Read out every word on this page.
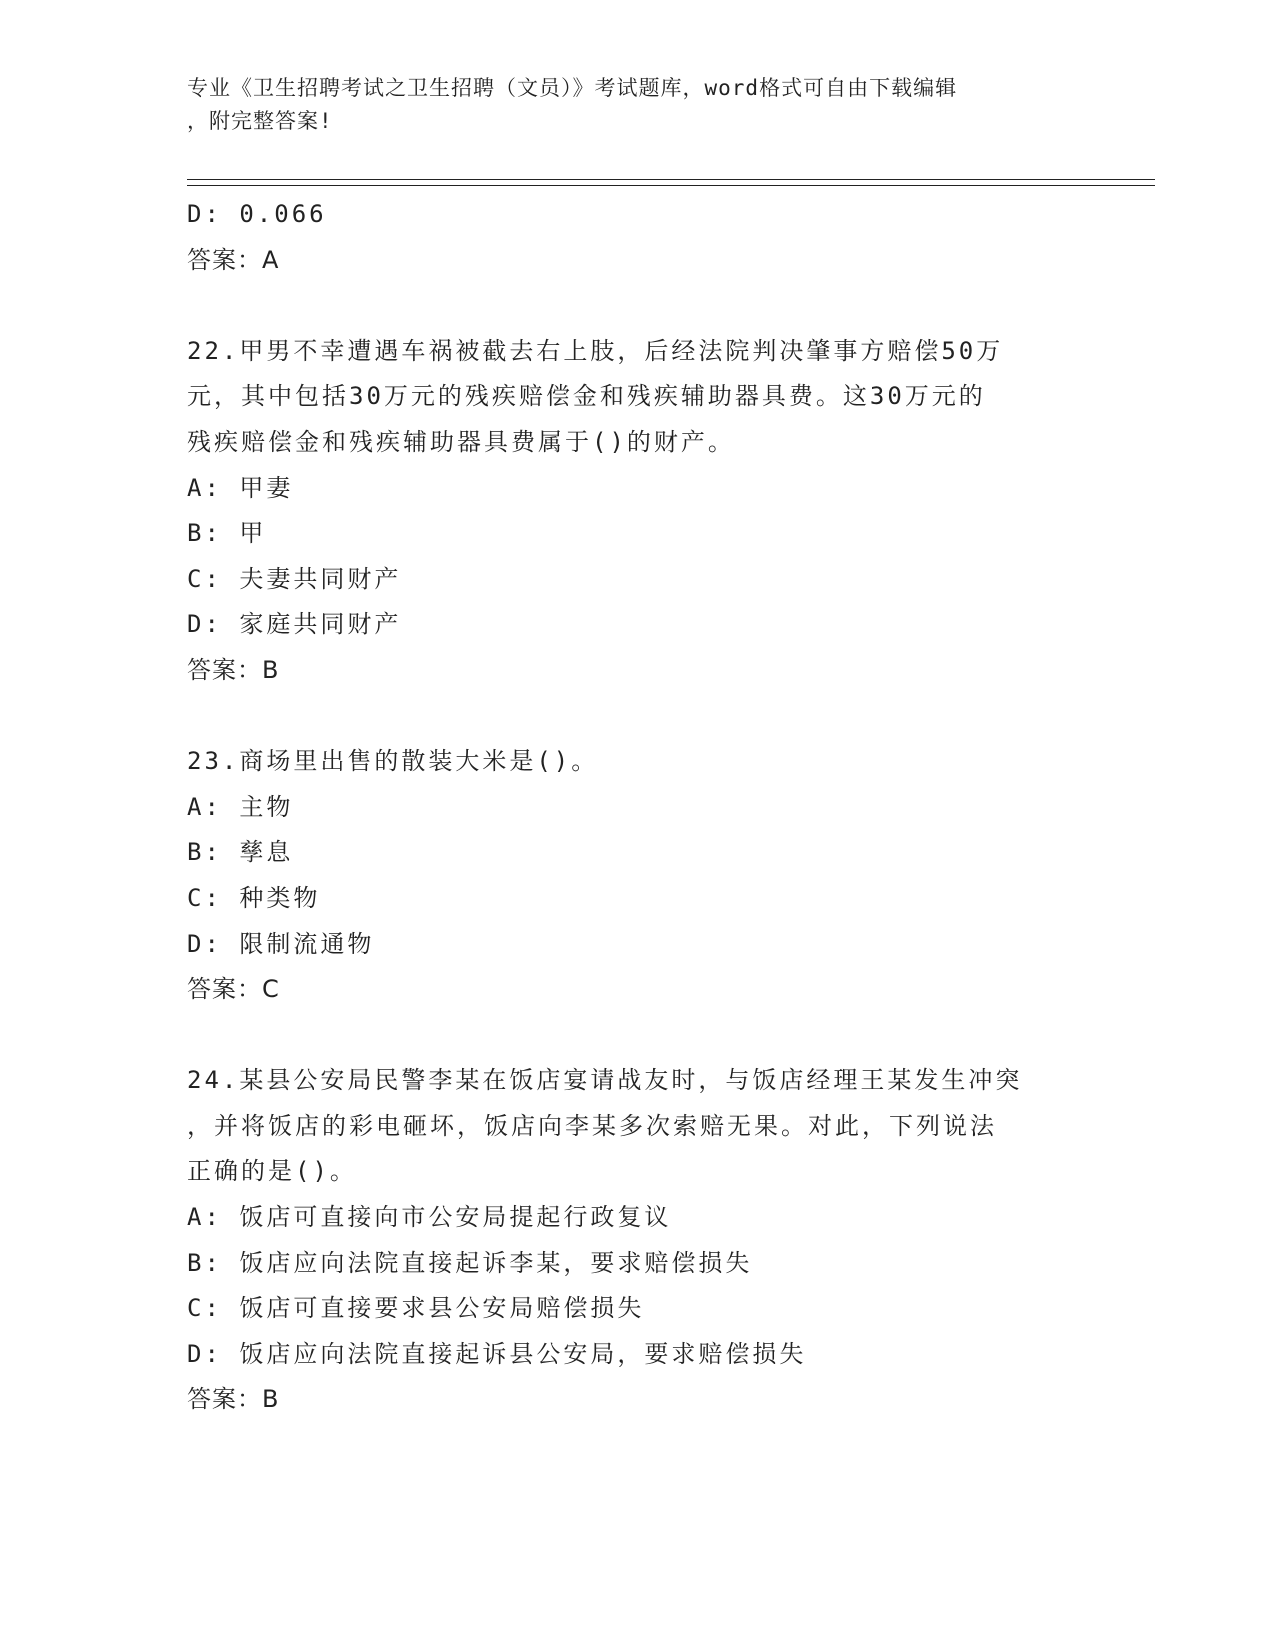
专业《卫生招聘考试之卫生招聘（文员）》考试题库，word格式可自由下载编辑
，附完整答案!
D: 0.066
答案：A
22.甲男不幸遭遇车祸被截去右上肢，后经法院判决肇事方赔偿50万
元，其中包括30万元的残疾赔偿金和残疾辅助器具费。这30万元的
残疾赔偿金和残疾辅助器具费属于()的财产。
A: 甲妻
B: 甲
C: 夫妻共同财产
D: 家庭共同财产
答案：B
23.商场里出售的散装大米是()。
A: 主物
B: 孳息
C: 种类物
D: 限制流通物
答案：C
24.某县公安局民警李某在饭店宴请战友时，与饭店经理王某发生冲突
，并将饭店的彩电砸坏，饭店向李某多次索赔无果。对此，下列说法
正确的是()。
A: 饭店可直接向市公安局提起行政复议
B: 饭店应向法院直接起诉李某，要求赔偿损失
C: 饭店可直接要求县公安局赔偿损失
D: 饭店应向法院直接起诉县公安局，要求赔偿损失
答案：B
